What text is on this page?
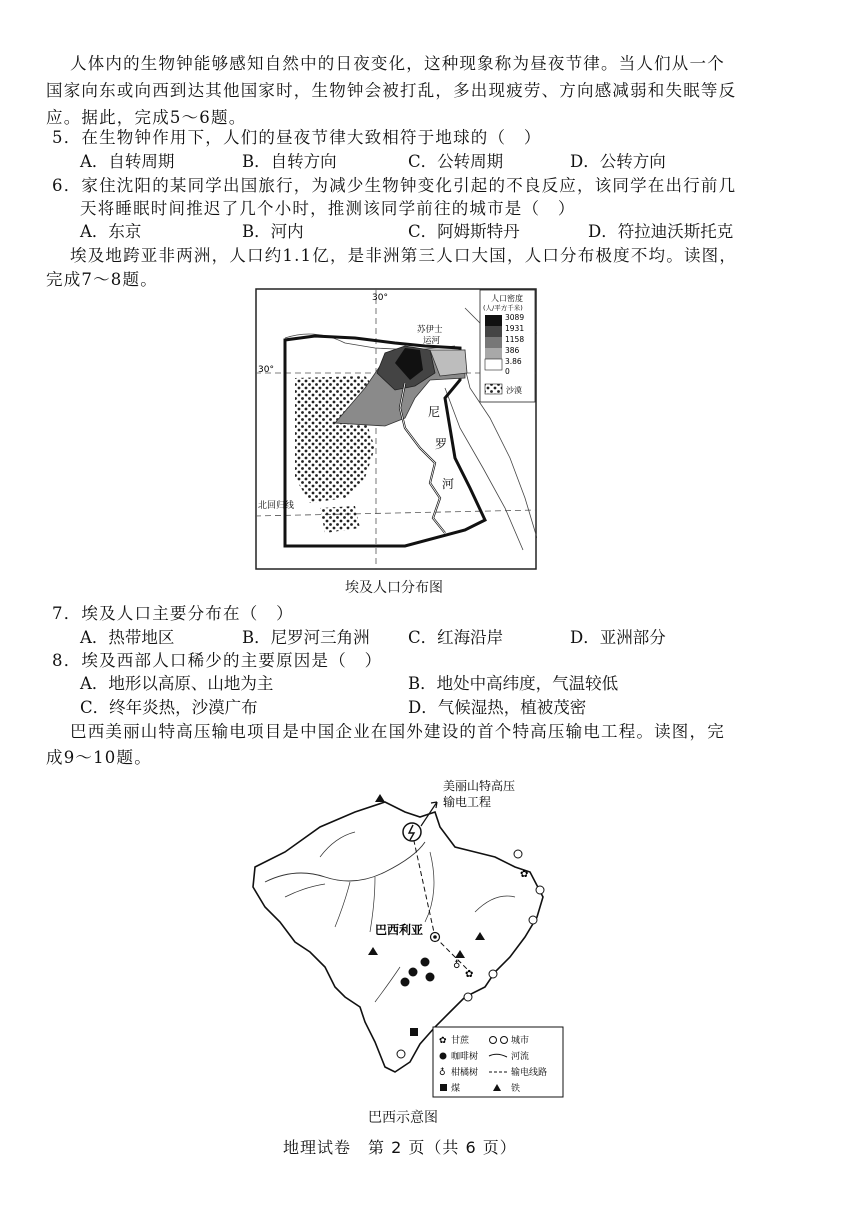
人体内的生物钟能够感知自然中的日夜变化，这种现象称为昼夜节律。当人们从一个
国家向东或向西到达其他国家时，生物钟会被打乱，多出现疲劳、方向感减弱和失眠等反
应。据此，完成5～6题。
5．在生物钟作用下，人们的昼夜节律大致相符于地球的（　）
A．自转周期	B．自转方向	C．公转周期	D．公转方向
6．家住沈阳的某同学出国旅行，为减少生物钟变化引起的不良反应，该同学在出行前几
天将睡眠时间推迟了几个小时，推测该同学前往的城市是（　）
A．东京	B．河内	C．阿姆斯特丹	D．符拉迪沃斯托克
埃及地跨亚非两洲，人口约1.1亿，是非洲第三人口大国，人口分布极度不均。读图，
完成7～8题。
30°
30°
北回归线
苏伊士
运河
尼
罗
河
人口密度
(人/平方千米)
3089
1931
1158
386
3.86
0
沙漠
埃及人口分布图
7．埃及人口主要分布在（　）
A．热带地区	B．尼罗河三角洲 C．红海沿岸	D．亚洲部分
8．埃及西部人口稀少的主要原因是（　）
A．地形以高原、山地为主	B．地处中高纬度，气温较低
C．终年炎热，沙漠广布	D．气候湿热，植被茂密
巴西美丽山特高压输电项目是中国企业在国外建设的首个特高压输电工程。读图，完
成9～10题。
美丽山特高压
输电工程
巴西利亚
✿
✿
♁
✿ 甘蔗	城市
咖啡树	河流
♁ 柑橘树	输电线路
煤	铁
巴西示意图
地理试卷　第 2 页（共 6 页）
